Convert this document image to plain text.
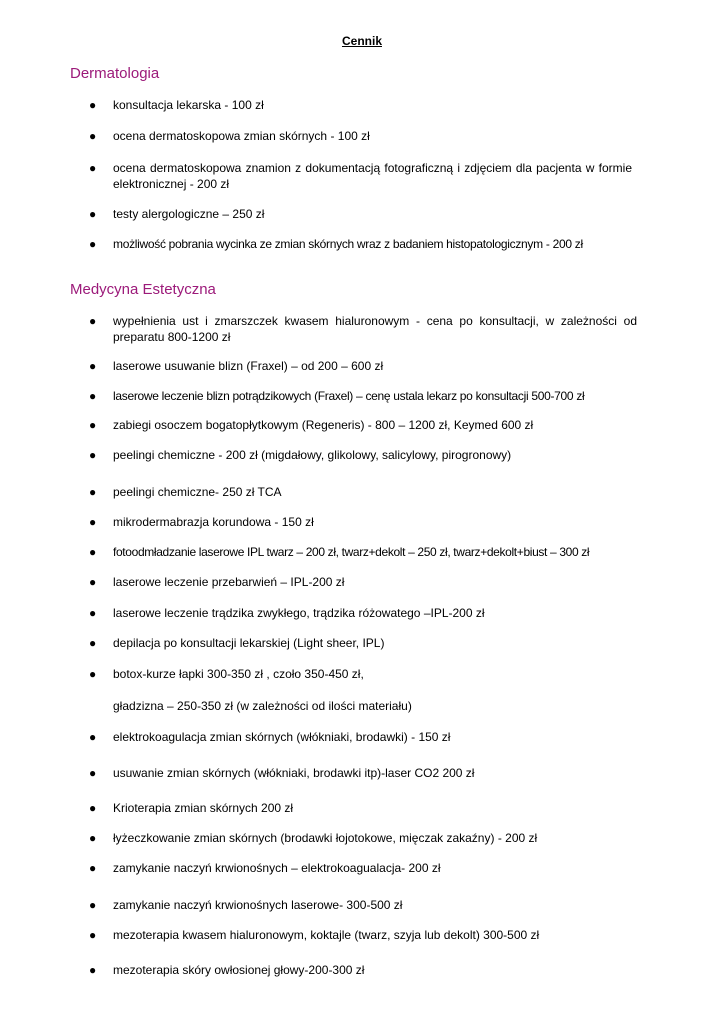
Cennik
Dermatologia
● konsultacja lekarska - 100 zł
● ocena dermatoskopowa zmian skórnych - 100 zł
● ocena dermatoskopowa znamion z dokumentacją fotograficzną i zdjęciem dla pacjenta w formie elektronicznej - 200 zł
● testy alergologiczne – 250 zł
● możliwość pobrania wycinka ze zmian skórnych wraz z badaniem histopatologicznym - 200 zł
Medycyna Estetyczna
● wypełnienia ust i zmarszczek kwasem hialuronowym - cena po konsultacji, w zależności od preparatu 800-1200 zł
● laserowe usuwanie blizn (Fraxel) – od 200 – 600 zł
● laserowe leczenie blizn potrądzikowych (Fraxel) – cenę ustala lekarz po konsultacji 500-700 zł
● zabiegi osoczem bogatopłytkowym (Regeneris) - 800 – 1200 zł, Keymed 600 zł
● peelingi chemiczne - 200 zł (migdałowy, glikolowy, salicylowy, pirogronowy)
● peelingi chemiczne- 250 zł TCA
● mikrodermabrazja korundowa - 150 zł
● fotoodmładzanie laserowe IPL twarz – 200 zł, twarz+dekolt – 250 zł, twarz+dekolt+biust – 300 zł
● laserowe leczenie przebarwień – IPL-200 zł
● laserowe leczenie trądzika zwykłego, trądzika różowatego –IPL-200 zł
● depilacja po konsultacji lekarskiej (Light sheer, IPL)
● botox-kurze łapki 300-350 zł , czoło 350-450 zł,
gładzizna – 250-350 zł (w zależności od ilości materiału)
● elektrokoagulacja zmian skórnych (włókniaki, brodawki) - 150 zł
● usuwanie zmian skórnych (włókniaki, brodawki itp)-laser CO2 200 zł
● Krioterapia zmian skórnych 200 zł
● łyżeczkowanie zmian skórnych (brodawki łojotokowe, mięczak zakaźny) - 200 zł
● zamykanie naczyń krwionośnych – elektrokoagualacja- 200 zł
● zamykanie naczyń krwionośnych laserowe- 300-500 zł
● mezoterapia kwasem hialuronowym, koktajle (twarz, szyja lub dekolt) 300-500 zł
● mezoterapia skóry owłosionej głowy-200-300 zł
